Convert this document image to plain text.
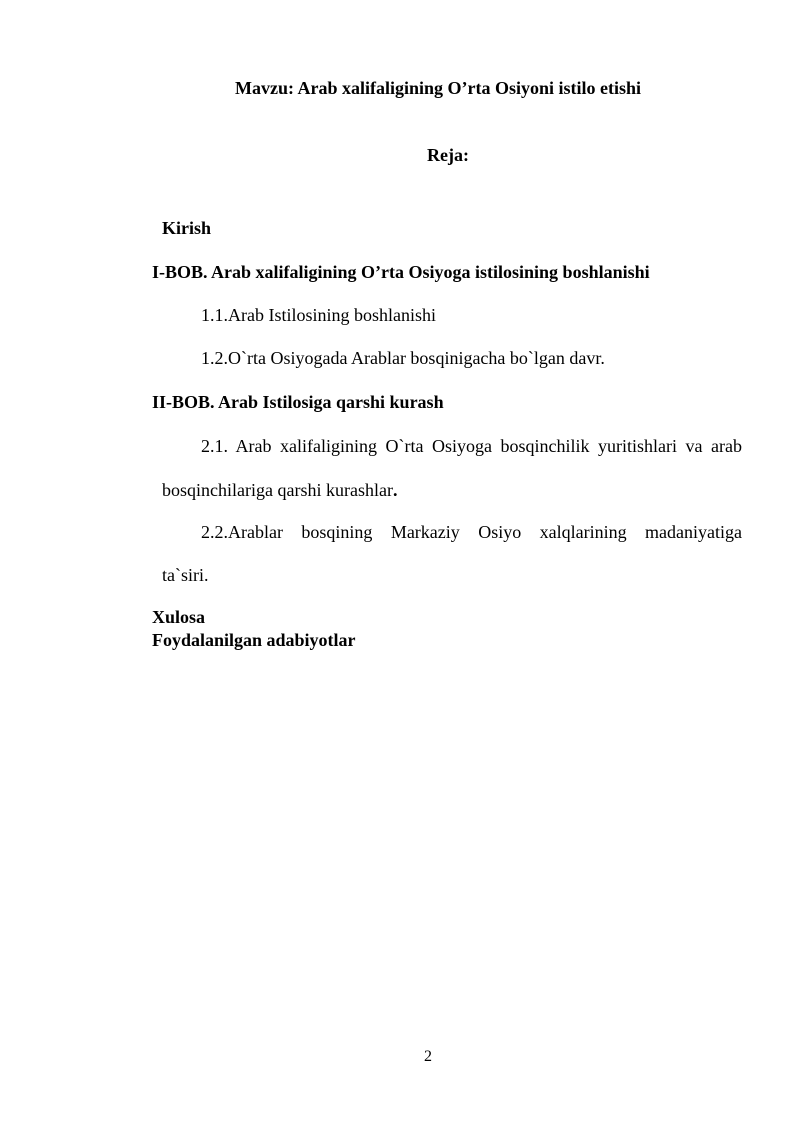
Mavzu: Arab xalifaligining O’rta Osiyoni istilo etishi
Reja:
Kirish
I-BOB. Arab xalifaligining O’rta Osiyoga istilosining boshlanishi
1.1.Arab Istilosining boshlanishi
1.2.O`rta Osiyogada Arablar bosqinigacha bo`lgan davr.
II-BOB. Arab Istilosiga qarshi kurash
2.1. Arab xalifaligining O`rta Osiyoga bosqinchilik yuritishlari va arab
bosqinchilariga qarshi kurashlar.
2.2.Arablar bosqining Markaziy Osiyo xalqlarining madaniyatiga
ta`siri.
Xulosa
Foydalanilgan adabiyotlar
2
